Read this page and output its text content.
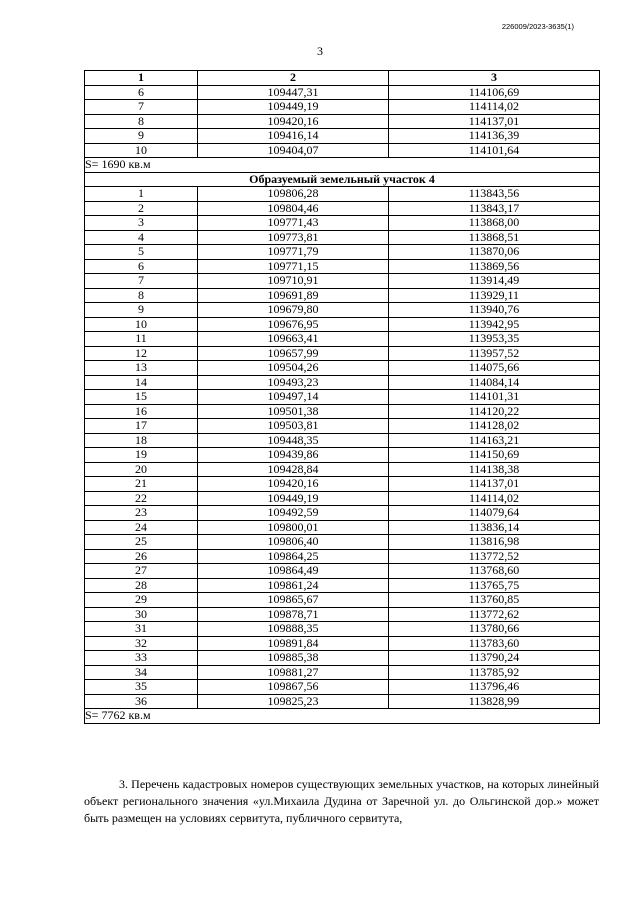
226009/2023-3635(1)
3
1	2	3
6	109447,31	114106,69
7	109449,19	114114,02
8	109420,16	114137,01
9	109416,14	114136,39
10	109404,07	114101,64
S= 1690 кв.м		
Образуемый земельный участок 4		
1	109806,28	113843,56
2	109804,46	113843,17
3	109771,43	113868,00
4	109773,81	113868,51
5	109771,79	113870,06
6	109771,15	113869,56
7	109710,91	113914,49
8	109691,89	113929,11
9	109679,80	113940,76
10	109676,95	113942,95
11	109663,41	113953,35
12	109657,99	113957,52
13	109504,26	114075,66
14	109493,23	114084,14
15	109497,14	114101,31
16	109501,38	114120,22
17	109503,81	114128,02
18	109448,35	114163,21
19	109439,86	114150,69
20	109428,84	114138,38
21	109420,16	114137,01
22	109449,19	114114,02
23	109492,59	114079,64
24	109800,01	113836,14
25	109806,40	113816,98
26	109864,25	113772,52
27	109864,49	113768,60
28	109861,24	113765,75
29	109865,67	113760,85
30	109878,71	113772,62
31	109888,35	113780,66
32	109891,84	113783,60
33	109885,38	113790,24
34	109881,27	113785,92
35	109867,56	113796,46
36	109825,23	113828,99
S= 7762 кв.м		
3. Перечень кадастровых номеров существующих земельных участков, на которых линейный объект регионального значения «ул.Михаила Дудина от Заречной ул. до Ольгинской дор.» может быть размещен на условиях сервитута, публичного сервитута,
